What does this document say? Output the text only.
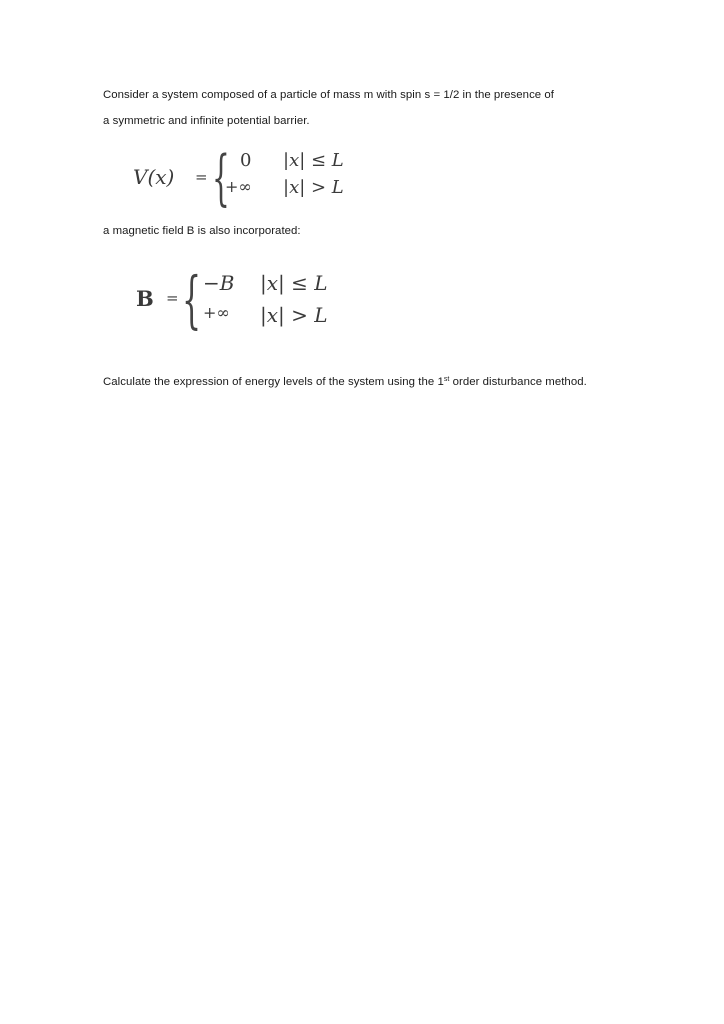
Consider a system composed of a particle of mass m with spin s = 1/2 in the presence of
a symmetric and infinite potential barrier.
V(x) = { 0 |x| ≤ L
+∞ |x| > L
a magnetic field B is also incorporated:
B = { −B |x| ≤ L
+∞ |x| > L
Calculate the expression of energy levels of the system using the 1st order disturbance method.
